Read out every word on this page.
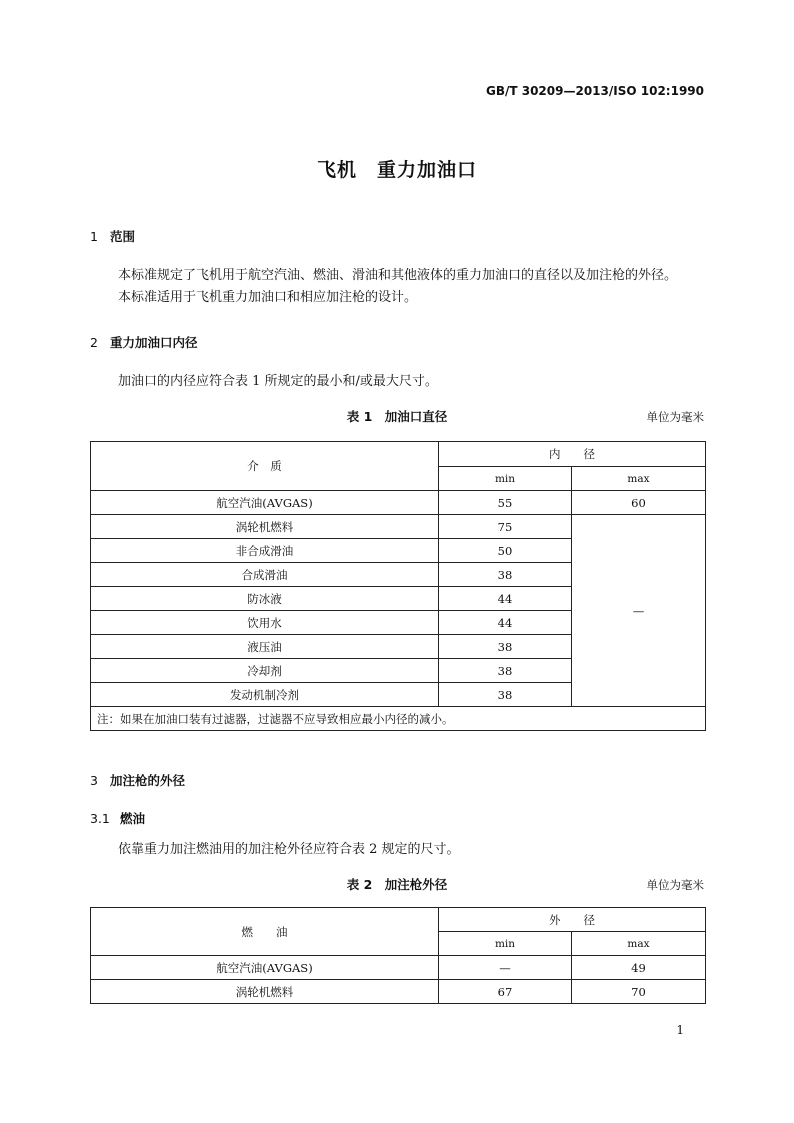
GB/T 30209—2013/ISO 102:1990
飞机　重力加油口
1 范围
本标准规定了飞机用于航空汽油、燃油、滑油和其他液体的重力加油口的直径以及加注枪的外径。
本标准适用于飞机重力加油口和相应加注枪的设计。
2 重力加油口内径
加油口的内径应符合表 1 所规定的最小和/或最大尺寸。
表 1　加油口直径	单位为毫米
介　质	内　　径	
	min	max
航空汽油(AVGAS)	55	60
涡轮机燃料	75	—
非合成滑油	50	
合成滑油	38	
防冰液	44	
饮用水	44	
液压油	38	
冷却剂	38	
发动机制冷剂	38	
注：如果在加油口装有过滤器，过滤器不应导致相应最小内径的减小。		
3 加注枪的外径
3.1 燃油
依靠重力加注燃油用的加注枪外径应符合表 2 规定的尺寸。
表 2　加注枪外径	单位为毫米
燃　　油	外　　径	
	min	max
航空汽油(AVGAS)	—	49
涡轮机燃料	67	70
1
